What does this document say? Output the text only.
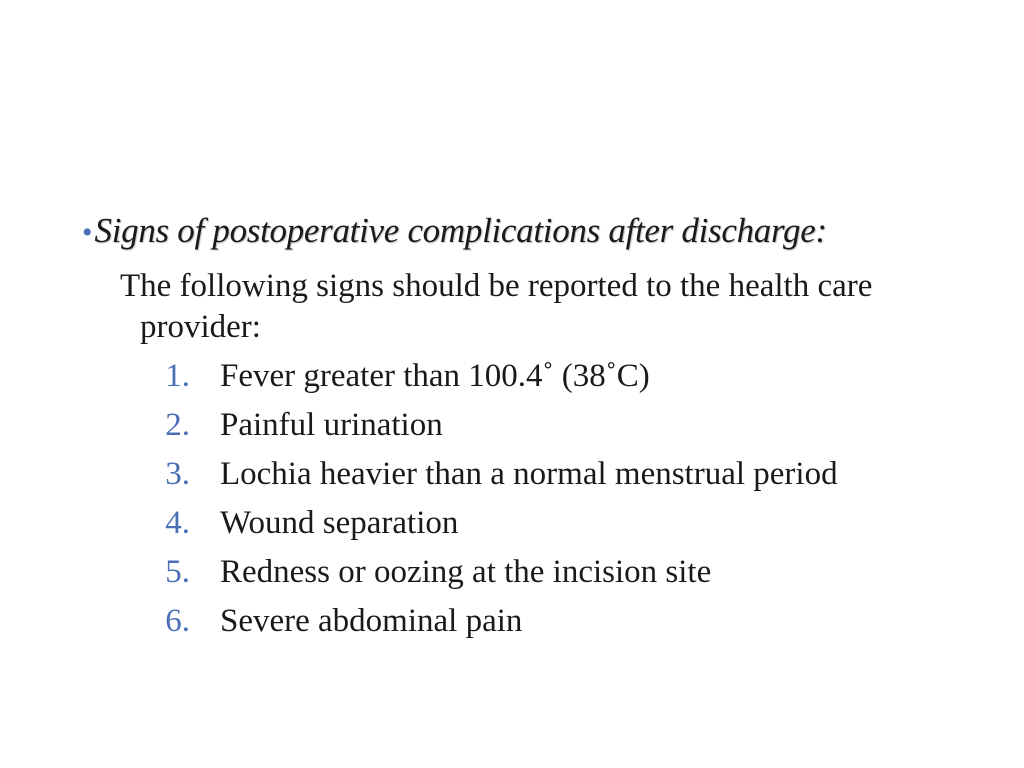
• Signs of postoperative complications after discharge:
The following signs should be reported to the health care provider:
1. Fever greater than 100.4˚ (38˚C)
2. Painful urination
3. Lochia heavier than a normal menstrual period
4. Wound separation
5. Redness or oozing at the incision site
6. Severe abdominal pain
